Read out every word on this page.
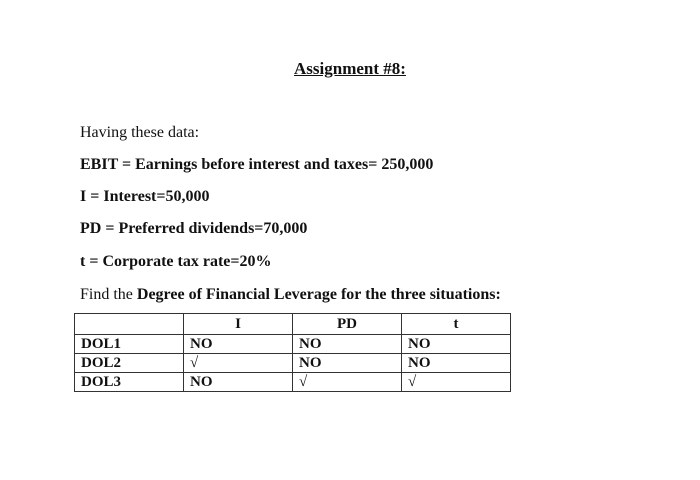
Assignment #8:
Having these data:
EBIT = Earnings before interest and taxes= 250,000
I = Interest=50,000
PD = Preferred dividends=70,000
t = Corporate tax rate=20%
Find the Degree of Financial Leverage for the three situations:
	I	PD	t
DOL1	NO	NO	NO
DOL2	√	NO	NO
DOL3	NO	√	√
